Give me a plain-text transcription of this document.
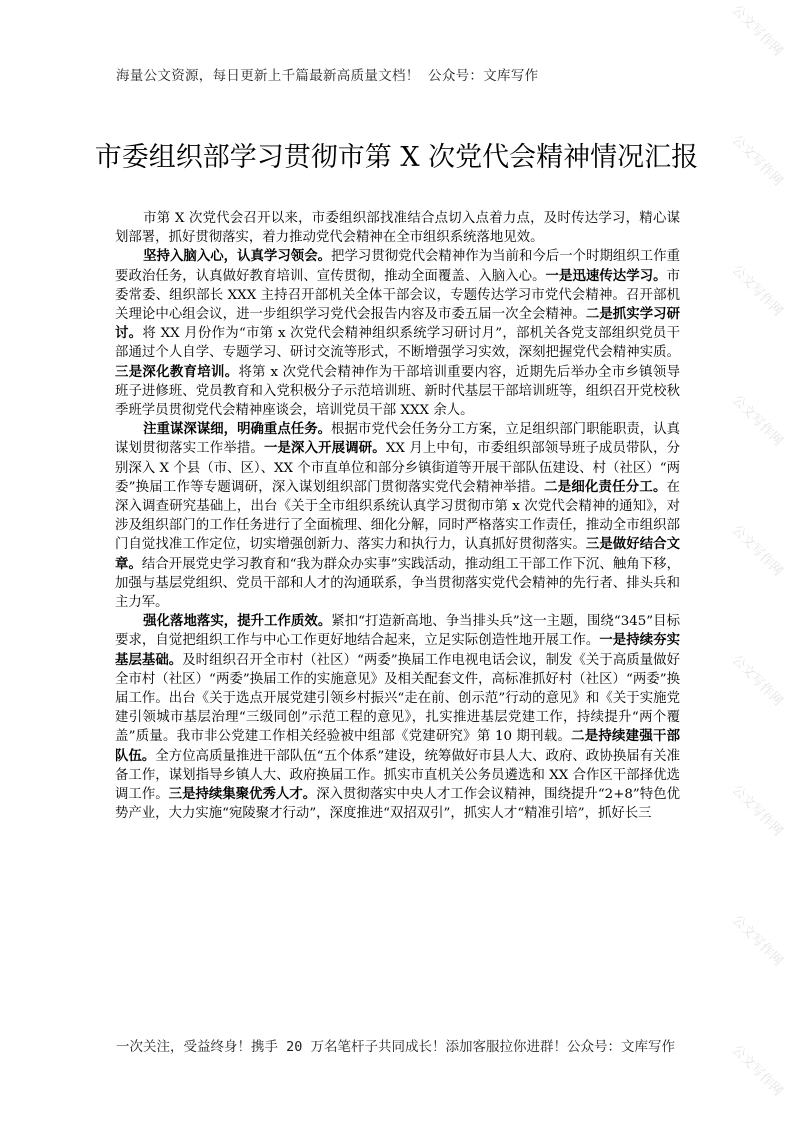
公文写作网
公文写作网
公文写作网
公文写作网
公文写作网
公文写作网
公文写作网
公文写作网
公文写作网
海量公文资源，每日更新上千篇最新高质量文档！ 公众号：文库写作
市委组织部学习贯彻市第 X 次党代会精神情况汇报

市第 X 次党代会召开以来，市委组织部找准结合点切入点着力点，及时传达学习，精心谋划部署，抓好贯彻落实，着力推动党代会精神在全市组织系统落地见效。

坚持入脑入心，认真学习领会。把学习贯彻党代会精神作为当前和今后一个时期组织工作重要政治任务，认真做好教育培训、宣传贯彻，推动全面覆盖、入脑入心。一是迅速传达学习。市委常委、组织部长 XXX 主持召开部机关全体干部会议，专题传达学习市党代会精神。召开部机关理论中心组会议，进一步组织学习党代会报告内容及市委五届一次全会精神。二是抓实学习研讨。将 XX 月份作为“市第 x 次党代会精神组织系统学习研讨月”，部机关各党支部组织党员干部通过个人自学、专题学习、研讨交流等形式，不断增强学习实效，深刻把握党代会精神实质。三是深化教育培训。将第 x 次党代会精神作为干部培训重要内容，近期先后举办全市乡镇领导班子进修班、党员教育和入党积极分子示范培训班、新时代基层干部培训班等，组织召开党校秋季班学员贯彻党代会精神座谈会，培训党员干部 XXX 余人。

注重谋深谋细，明确重点任务。根据市党代会任务分工方案，立足组织部门职能职责，认真谋划贯彻落实工作举措。一是深入开展调研。XX 月上中旬，市委组织部领导班子成员带队，分别深入 X 个县（市、区）、XX 个市直单位和部分乡镇街道等开展干部队伍建设、村（社区）“两委”换届工作等专题调研，深入谋划组织部门贯彻落实党代会精神举措。二是细化责任分工。在深入调查研究基础上，出台《关于全市组织系统认真学习贯彻市第 x 次党代会精神的通知》，对涉及组织部门的工作任务进行了全面梳理、细化分解，同时严格落实工作责任，推动全市组织部门自觉找准工作定位，切实增强创新力、落实力和执行力，认真抓好贯彻落实。三是做好结合文章。结合开展党史学习教育和“我为群众办实事”实践活动，推动组工干部工作下沉、触角下移，加强与基层党组织、党员干部和人才的沟通联系，争当贯彻落实党代会精神的先行者、排头兵和主力军。

强化落地落实，提升工作质效。紧扣“打造新高地、争当排头兵”这一主题，围绕“345”目标要求，自觉把组织工作与中心工作更好地结合起来，立足实际创造性地开展工作。一是持续夯实基层基础。及时组织召开全市村（社区）“两委”换届工作电视电话会议，制发《关于高质量做好全市村（社区）“两委”换届工作的实施意见》及相关配套文件，高标准抓好村（社区）“两委”换届工作。出台《关于选点开展党建引领乡村振兴“走在前、创示范”行动的意见》和《关于实施党建引领城市基层治理“三级同创”示范工程的意见》，扎实推进基层党建工作，持续提升“两个覆盖”质量。我市非公党建工作相关经验被中组部《党建研究》第 10 期刊载。二是持续建强干部队伍。全方位高质量推进干部队伍“五个体系”建设，统筹做好市县人大、政府、政协换届有关准备工作，谋划指导乡镇人大、政府换届工作。抓实市直机关公务员遴选和 XX 合作区干部择优选调工作。三是持续集聚优秀人才。深入贯彻落实中央人才工作会议精神，围绕提升“2+8”特色优势产业，大力实施“宛陵聚才行动”，深度推进“双招双引”，抓实人才“精准引培”，抓好长三

一次关注，受益终身！携手 20 万名笔杆子共同成长！添加客服拉你进群！公众号：文库写作
